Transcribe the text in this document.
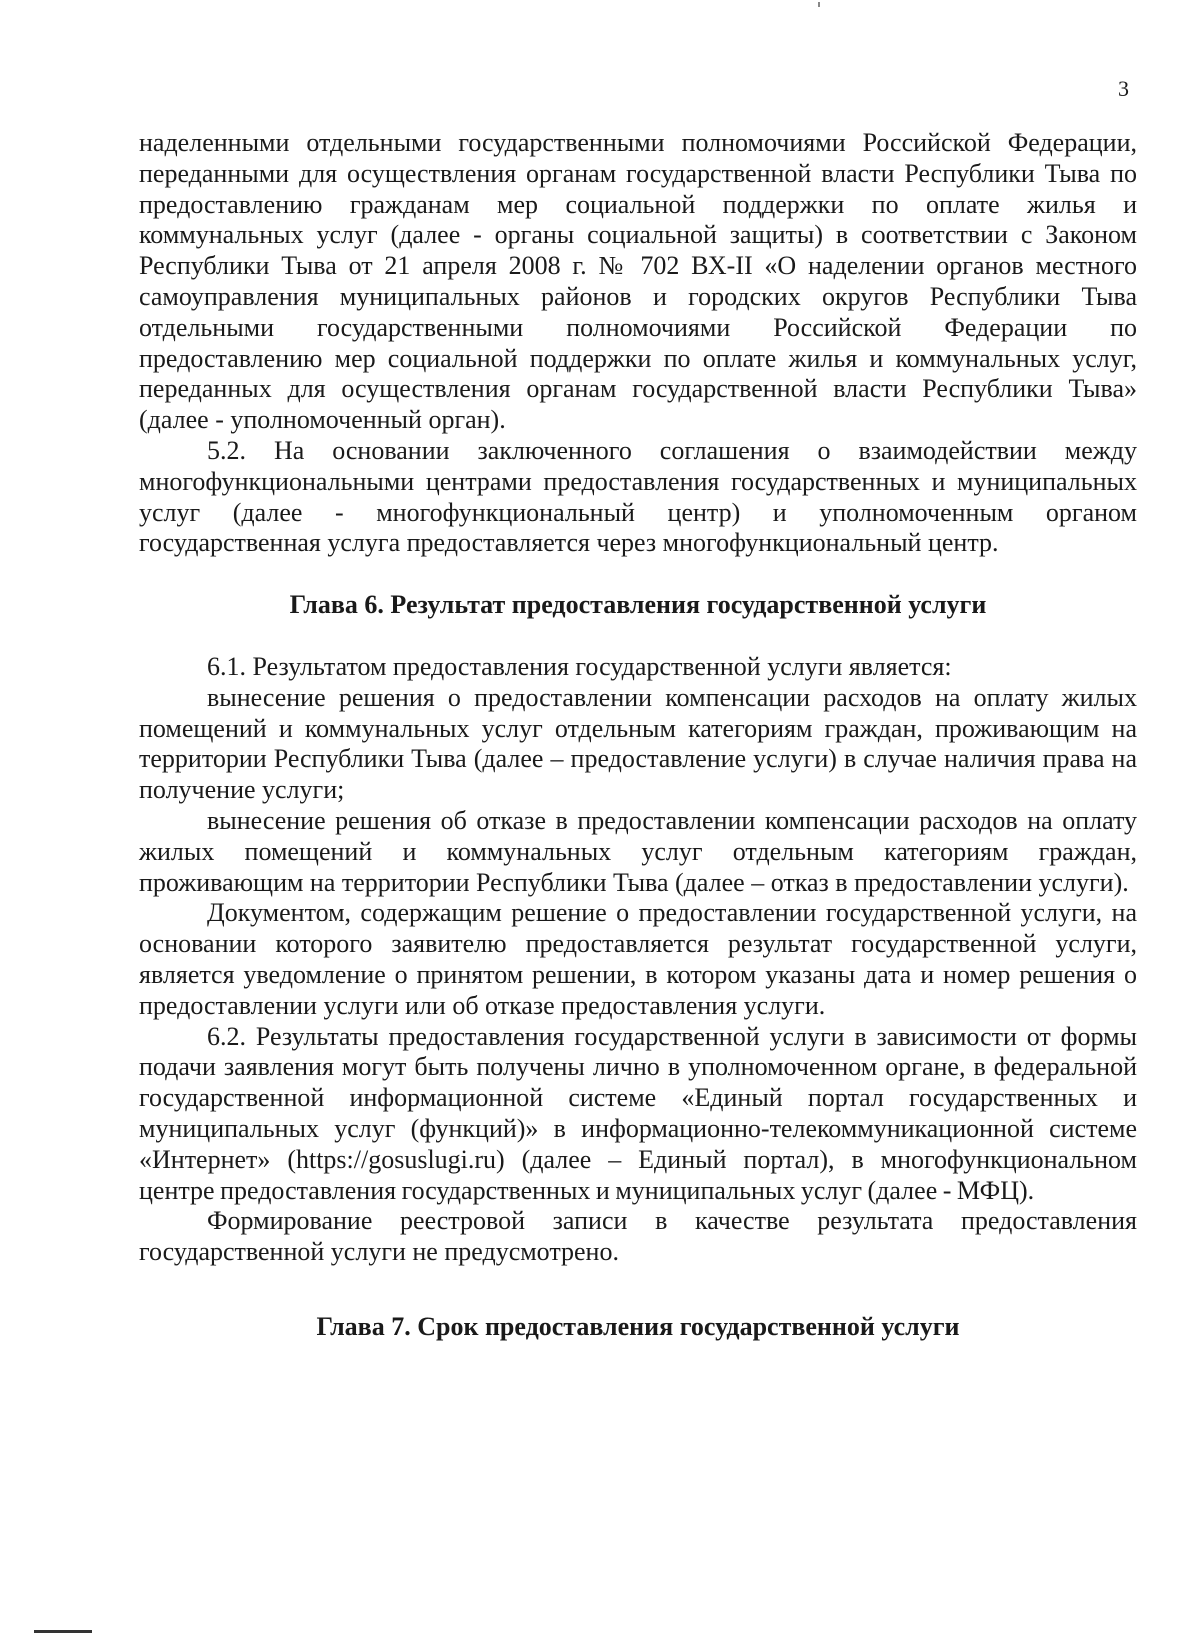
3

наделенными отдельными государственными полномочиями Российской Федерации, переданными для осуществления органам государственной власти Республики Тыва по предоставлению гражданам мер социальной поддержки по оплате жилья и коммунальных услуг (далее - органы социальной защиты) в соответствии с Законом Республики Тыва от 21 апреля 2008 г. № 702 ВХ-II «О наделении органов местного самоуправления муниципальных районов и городских округов Республики Тыва отдельными государственными полномочиями Российской Федерации по предоставлению мер социальной поддержки по оплате жилья и коммунальных услуг, переданных для осуществления органам государственной власти Республики Тыва» (далее - уполномоченный орган).

5.2. На основании заключенного соглашения о взаимодействии между многофункциональными центрами предоставления государственных и муниципальных услуг (далее - многофункциональный центр) и уполномоченным органом государственная услуга предоставляется через многофункциональный центр.

Глава 6. Результат предоставления государственной услуги

6.1. Результатом предоставления государственной услуги является:

вынесение решения о предоставлении компенсации расходов на оплату жилых помещений и коммунальных услуг отдельным категориям граждан, проживающим на территории Республики Тыва (далее – предоставление услуги) в случае наличия права на получение услуги;

вынесение решения об отказе в предоставлении компенсации расходов на оплату жилых помещений и коммунальных услуг отдельным категориям граждан, проживающим на территории Республики Тыва (далее – отказ в предоставлении услуги).

Документом, содержащим решение о предоставлении государственной услуги, на основании которого заявителю предоставляется результат государственной услуги, является уведомление о принятом решении, в котором указаны дата и номер решения о предоставлении услуги или об отказе предоставления услуги.

6.2. Результаты предоставления государственной услуги в зависимости от формы подачи заявления могут быть получены лично в уполномоченном органе, в федеральной государственной информационной системе «Единый портал государственных и муниципальных услуг (функций)» в информационно-телекоммуникационной системе «Интернет» (https://gosuslugi.ru) (далее – Единый портал), в многофункциональном центре предоставления государственных и муниципальных услуг (далее - МФЦ).

Формирование реестровой записи в качестве результата предоставления государственной услуги не предусмотрено.

Глава 7. Срок предоставления государственной услуги
